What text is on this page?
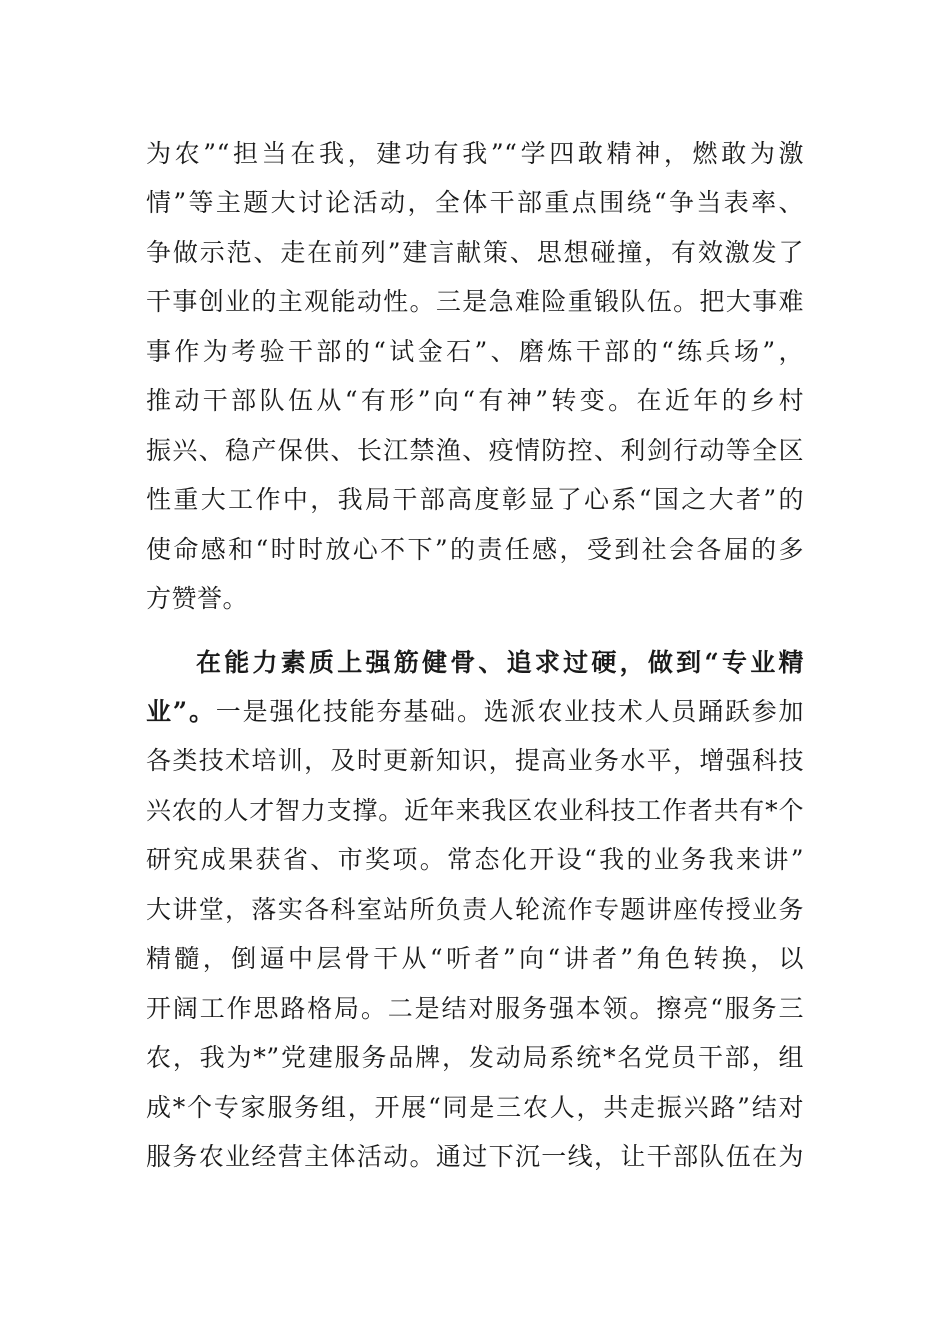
为农”“担当在我，建功有我”“学四敢精神，燃敢为激
情”等主题大讨论活动，全体干部重点围绕“争当表率、
争做示范、走在前列”建言献策、思想碰撞，有效激发了
干事创业的主观能动性。三是急难险重锻队伍。把大事难
事作为考验干部的“试金石”、磨炼干部的“练兵场”，
推动干部队伍从“有形”向“有神”转变。在近年的乡村
振兴、稳产保供、长江禁渔、疫情防控、利剑行动等全区
性重大工作中，我局干部高度彰显了心系“国之大者”的
使命感和“时时放心不下”的责任感，受到社会各届的多
方赞誉。
在能力素质上强筋健骨、追求过硬，做到“专业精
业”。一是强化技能夯基础。选派农业技术人员踊跃参加
各类技术培训，及时更新知识，提高业务水平，增强科技
兴农的人才智力支撑。近年来我区农业科技工作者共有*个
研究成果获省、市奖项。常态化开设“我的业务我来讲”
大讲堂，落实各科室站所负责人轮流作专题讲座传授业务
精髓，倒逼中层骨干从“听者”向“讲者”角色转换，以
开阔工作思路格局。二是结对服务强本领。擦亮“服务三
农，我为*”党建服务品牌，发动局系统*名党员干部，组
成*个专家服务组，开展“同是三农人，共走振兴路”结对
服务农业经营主体活动。通过下沉一线，让干部队伍在为
